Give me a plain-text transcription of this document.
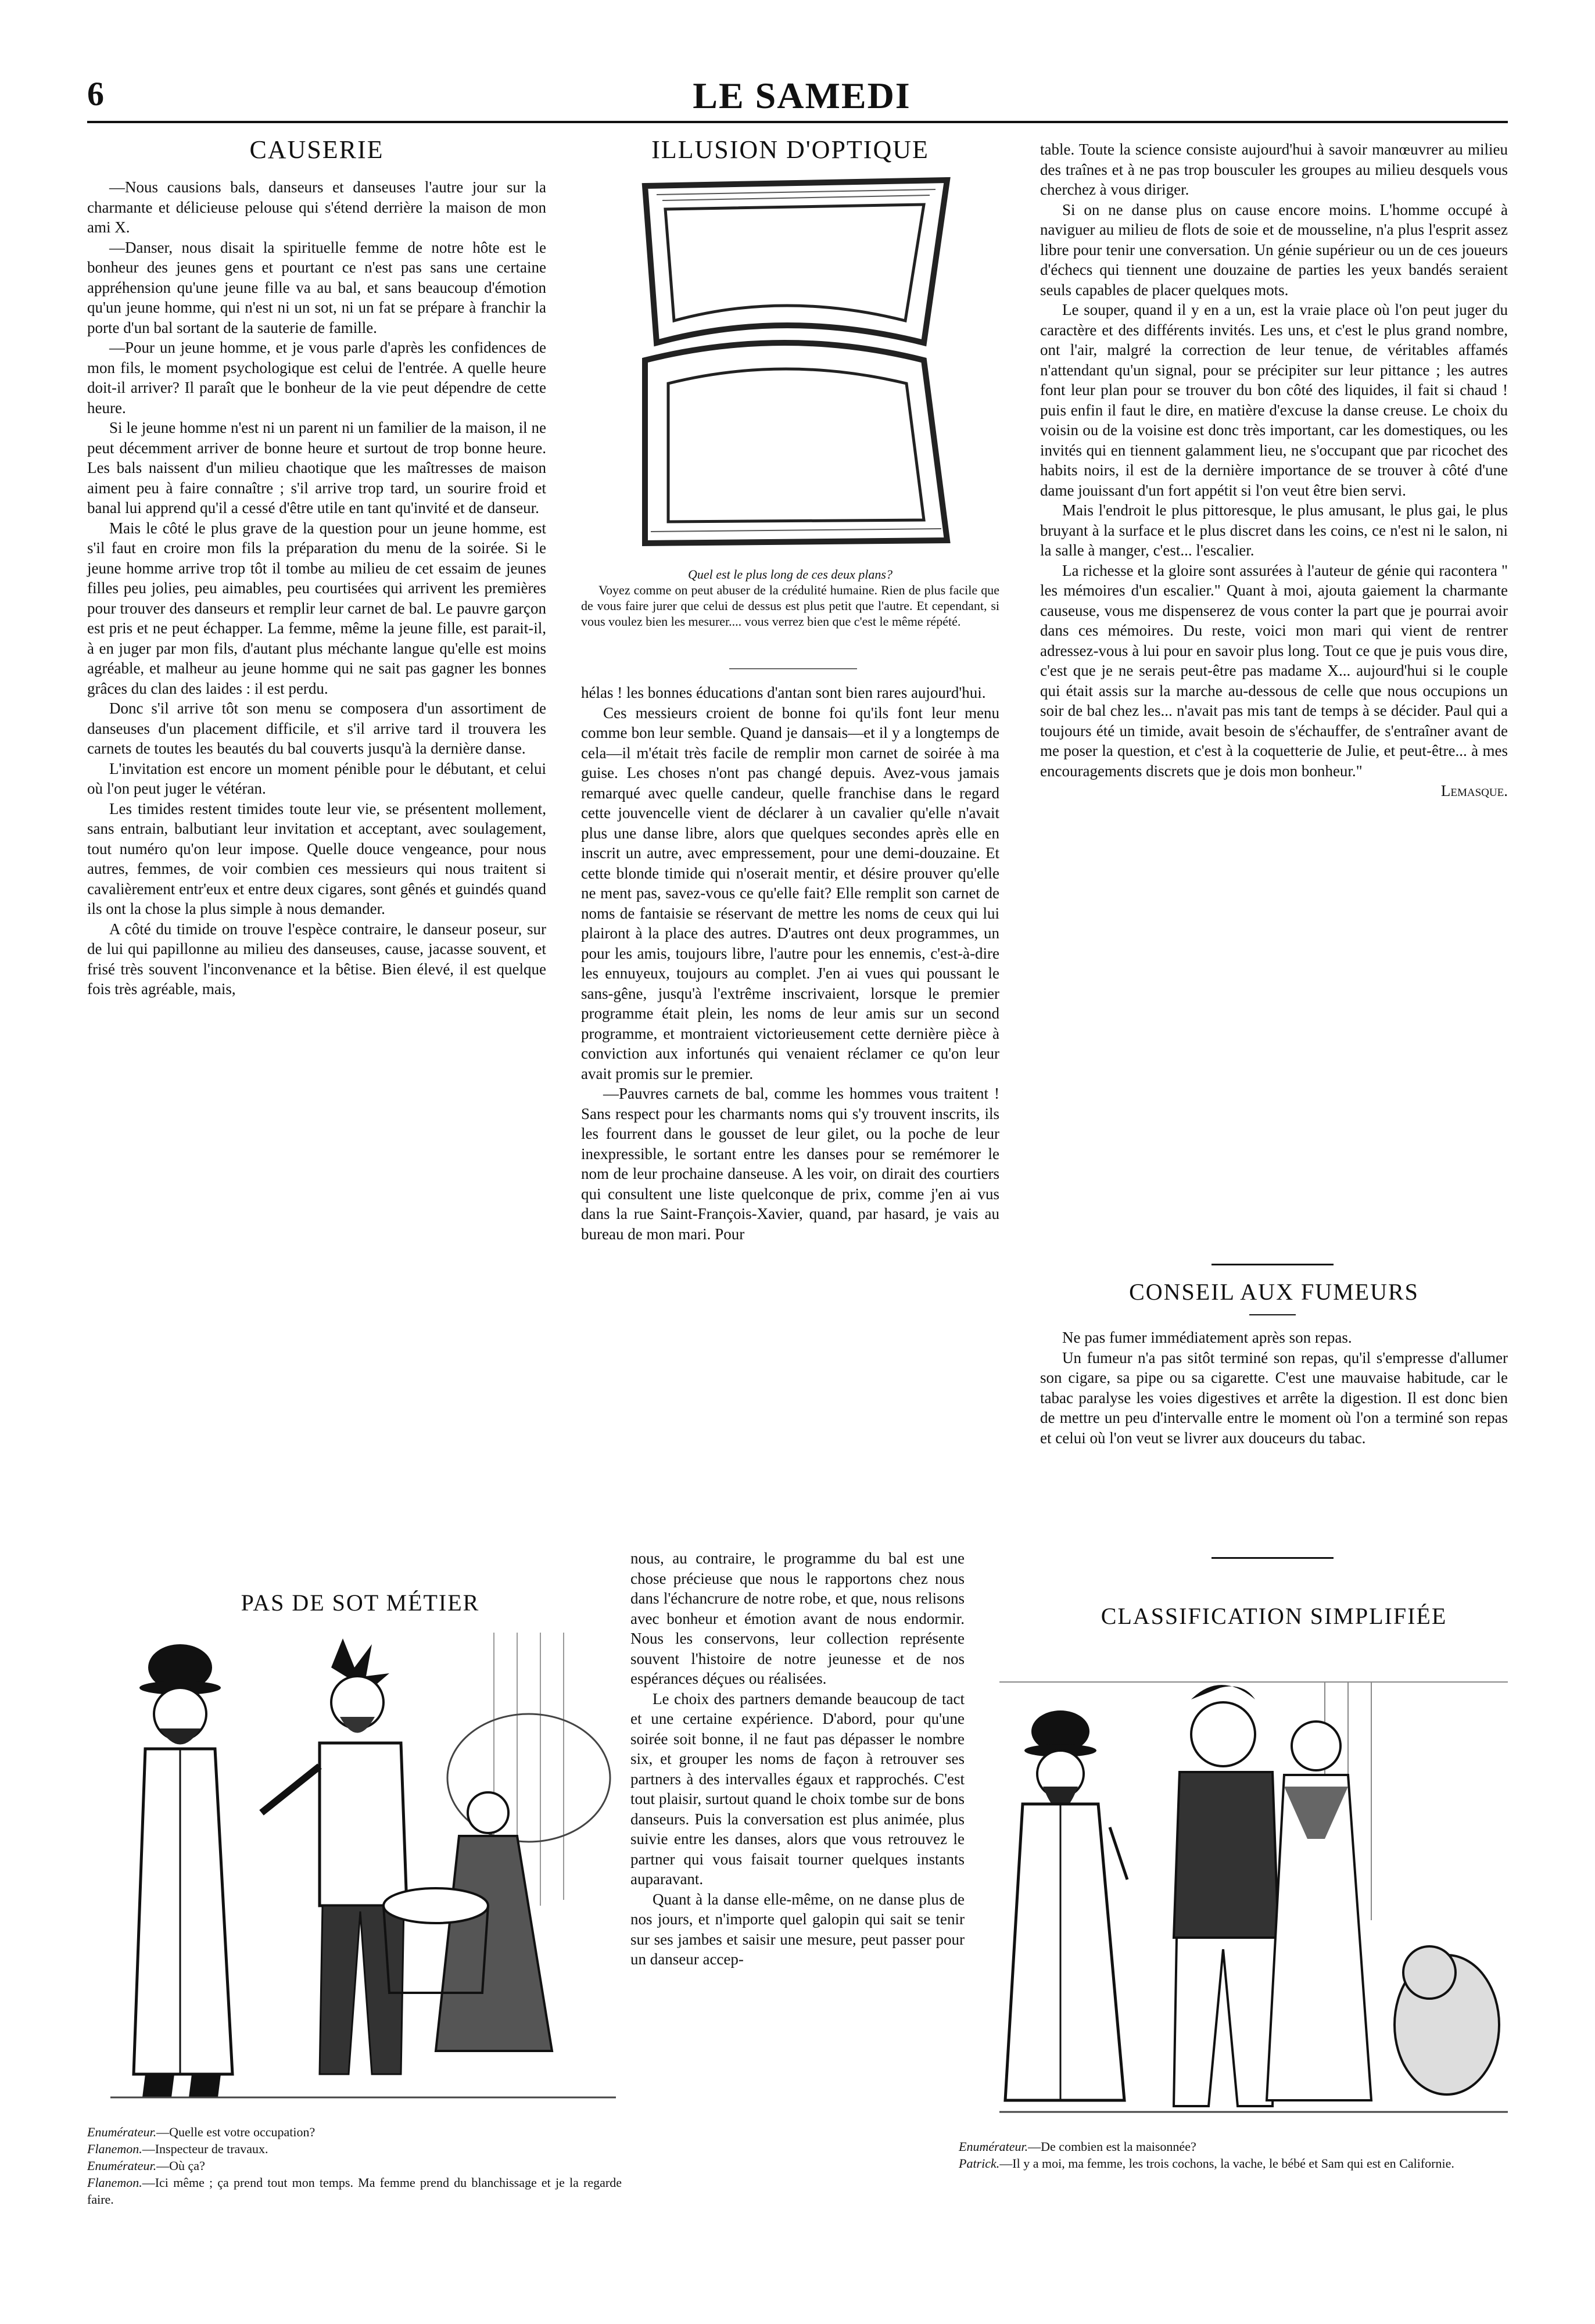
6	LE SAMEDI
CAUSERIE

—Nous causions bals, danseurs et danseuses l'autre jour sur la charmante et délicieuse pelouse qui s'étend derrière la maison de mon ami X.

—Danser, nous disait la spirituelle femme de notre hôte est le bonheur des jeunes gens et pourtant ce n'est pas sans une certaine appréhension qu'une jeune fille va au bal, et sans beaucoup d'émotion qu'un jeune homme, qui n'est ni un sot, ni un fat se prépare à franchir la porte d'un bal sortant de la sauterie de famille.

—Pour un jeune homme, et je vous parle d'après les confidences de mon fils, le moment psychologique est celui de l'entrée. A quelle heure doit-il arriver? Il paraît que le bonheur de la vie peut dépendre de cette heure.

Si le jeune homme n'est ni un parent ni un familier de la maison, il ne peut décemment arriver de bonne heure et surtout de trop bonne heure. Les bals naissent d'un milieu chaotique que les maîtresses de maison aiment peu à faire connaître ; s'il arrive trop tard, un sourire froid et banal lui apprend qu'il a cessé d'être utile en tant qu'invité et de danseur.

Mais le côté le plus grave de la question pour un jeune homme, est s'il faut en croire mon fils la préparation du menu de la soirée. Si le jeune homme arrive trop tôt il tombe au milieu de cet essaim de jeunes filles peu jolies, peu aimables, peu courtisées qui arrivent les premières pour trouver des danseurs et remplir leur carnet de bal. Le pauvre garçon est pris et ne peut échapper. La femme, même la jeune fille, est parait-il, à en juger par mon fils, d'autant plus méchante langue qu'elle est moins agréable, et malheur au jeune homme qui ne sait pas gagner les bonnes grâces du clan des laides : il est perdu.

Donc s'il arrive tôt son menu se composera d'un assortiment de danseuses d'un placement difficile, et s'il arrive tard il trouvera les carnets de toutes les beautés du bal couverts jusqu'à la dernière danse.

L'invitation est encore un moment pénible pour le débutant, et celui où l'on peut juger le vétéran.

Les timides restent timides toute leur vie, se présentent mollement, sans entrain, balbutiant leur invitation et acceptant, avec soulagement, tout numéro qu'on leur impose. Quelle douce vengeance, pour nous autres, femmes, de voir combien ces messieurs qui nous traitent si cavalièrement entr'eux et entre deux cigares, sont gênés et guindés quand ils ont la chose la plus simple à nous demander.

A côté du timide on trouve l'espèce contraire, le danseur poseur, sur de lui qui papillonne au milieu des danseuses, cause, jacasse souvent, et frisé très souvent l'inconvenance et la bêtise. Bien élevé, il est quelque fois très agréable, mais,

ILLUSION D'OPTIQUE
Quel est le plus long de ces deux plans?
Voyez comme on peut abuser de la crédulité humaine. Rien de plus facile que de vous faire jurer que celui de dessus est plus petit que l'autre. Et cependant, si vous voulez bien les mesurer.... vous verrez bien que c'est le même répété.

hélas ! les bonnes éducations d'antan sont bien rares aujourd'hui.

Ces messieurs croient de bonne foi qu'ils font leur menu comme bon leur semble. Quand je dansais—et il y a longtemps de cela—il m'était très facile de remplir mon carnet de soirée à ma guise. Les choses n'ont pas changé depuis. Avez-vous jamais remarqué avec quelle candeur, quelle franchise dans le regard cette jouvencelle vient de déclarer à un cavalier qu'elle n'avait plus une danse libre, alors que quelques secondes après elle en inscrit un autre, avec empressement, pour une demi-douzaine. Et cette blonde timide qui n'oserait mentir, et désire prouver qu'elle ne ment pas, savez-vous ce qu'elle fait? Elle remplit son carnet de noms de fantaisie se réservant de mettre les noms de ceux qui lui plairont à la place des autres. D'autres ont deux programmes, un pour les amis, toujours libre, l'autre pour les ennemis, c'est-à-dire les ennuyeux, toujours au complet. J'en ai vues qui poussant le sans-gêne, jusqu'à l'extrême inscrivaient, lorsque le premier programme était plein, les noms de leur amis sur un second programme, et montraient victorieusement cette dernière pièce à conviction aux infortunés qui venaient réclamer ce qu'on leur avait promis sur le premier.

—Pauvres carnets de bal, comme les hommes vous traitent ! Sans respect pour les charmants noms qui s'y trouvent inscrits, ils les fourrent dans le gousset de leur gilet, ou la poche de leur inexpressible, le sortant entre les danses pour se remémorer le nom de leur prochaine danseuse. A les voir, on dirait des courtiers qui consultent une liste quelconque de prix, comme j'en ai vus dans la rue Saint-François-Xavier, quand, par hasard, je vais au bureau de mon mari. Pour

nous, au contraire, le programme du bal est une chose précieuse que nous le rapportons chez nous dans l'échancrure de notre robe, et que, nous relisons avec bonheur et émotion avant de nous endormir. Nous les conservons, leur collection représente souvent l'histoire de notre jeunesse et de nos espérances déçues ou réalisées.

Le choix des partners demande beaucoup de tact et une certaine expérience. D'abord, pour qu'une soirée soit bonne, il ne faut pas dépasser le nombre six, et grouper les noms de façon à retrouver ses partners à des intervalles égaux et rapprochés. C'est tout plaisir, surtout quand le choix tombe sur de bons danseurs. Puis la conversation est plus animée, plus suivie entre les danses, alors que vous retrouvez le partner qui vous faisait tourner quelques instants auparavant.

Quant à la danse elle-même, on ne danse plus de nos jours, et n'importe quel galopin qui sait se tenir sur ses jambes et saisir une mesure, peut passer pour un danseur accep-

table. Toute la science consiste aujourd'hui à savoir manœuvrer au milieu des traînes et à ne pas trop bousculer les groupes au milieu desquels vous cherchez à vous diriger.

Si on ne danse plus on cause encore moins. L'homme occupé à naviguer au milieu de flots de soie et de mousseline, n'a plus l'esprit assez libre pour tenir une conversation. Un génie supérieur ou un de ces joueurs d'échecs qui tiennent une douzaine de parties les yeux bandés seraient seuls capables de placer quelques mots.

Le souper, quand il y en a un, est la vraie place où l'on peut juger du caractère et des différents invités. Les uns, et c'est le plus grand nombre, ont l'air, malgré la correction de leur tenue, de véritables affamés n'attendant qu'un signal, pour se précipiter sur leur pittance ; les autres font leur plan pour se trouver du bon côté des liquides, il fait si chaud ! puis enfin il faut le dire, en matière d'excuse la danse creuse. Le choix du voisin ou de la voisine est donc très important, car les domestiques, ou les invités qui en tiennent galamment lieu, ne s'occupant que par ricochet des habits noirs, il est de la dernière importance de se trouver à côté d'une dame jouissant d'un fort appétit si l'on veut être bien servi.

Mais l'endroit le plus pittoresque, le plus amusant, le plus gai, le plus bruyant à la surface et le plus discret dans les coins, ce n'est ni le salon, ni la salle à manger, c'est... l'escalier.

La richesse et la gloire sont assurées à l'auteur de génie qui racontera " les mémoires d'un escalier." Quant à moi, ajouta gaiement la charmante causeuse, vous me dispenserez de vous conter la part que je pourrai avoir dans ces mémoires. Du reste, voici mon mari qui vient de rentrer adressez-vous à lui pour en savoir plus long. Tout ce que je puis vous dire, c'est que je ne serais peut-être pas madame X... aujourd'hui si le couple qui était assis sur la marche au-dessous de celle que nous occupions un soir de bal chez les... n'avait pas mis tant de temps à se décider. Paul qui a toujours été un timide, avait besoin de s'échauffer, de s'entraîner avant de me poser la question, et c'est à la coquetterie de Julie, et peut-être... à mes encouragements discrets que je dois mon bonheur."

Lemasque.
CONSEIL AUX FUMEURS

Ne pas fumer immédiatement après son repas.

Un fumeur n'a pas sitôt terminé son repas, qu'il s'empresse d'allumer son cigare, sa pipe ou sa cigarette. C'est une mauvaise habitude, car le tabac paralyse les voies digestives et arrête la digestion. Il est donc bien de mettre un peu d'intervalle entre le moment où l'on a terminé son repas et celui où l'on veut se livrer aux douceurs du tabac.

PAS DE SOT MÉTIER
Enumérateur.—Quelle est votre occupation?
Flanemon.—Inspecteur de travaux.
Enumérateur.—Où ça?
Flanemon.—Ici même ; ça prend tout mon temps. Ma femme prend du blanchissage et je la regarde faire.
CLASSIFICATION SIMPLIFIÉE
Enumérateur.—De combien est la maisonnée?
Patrick.—Il y a moi, ma femme, les trois cochons, la vache, le bébé et Sam qui est en Californie.
